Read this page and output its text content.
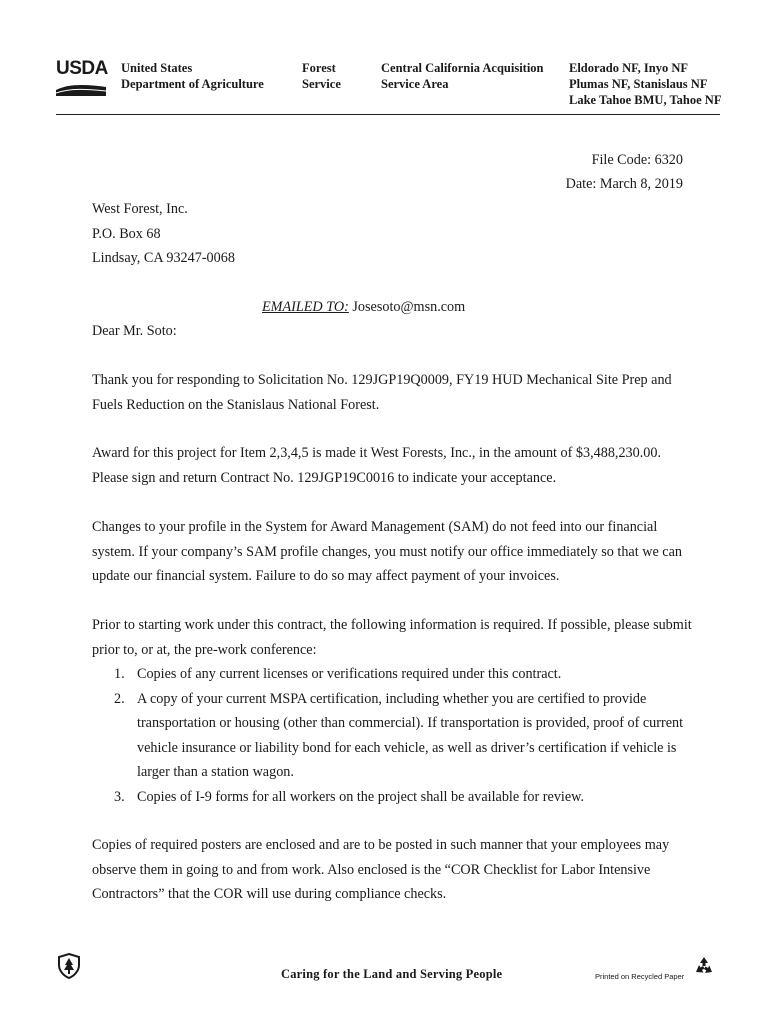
USDA United States
Department of Agriculture
Forest
Service
Central California Acquisition
Service Area
Eldorado NF, Inyo NF
Plumas NF, Stanislaus NF
Lake Tahoe BMU, Tahoe NF
File Code: 6320
Date: March 8, 2019
West Forest, Inc.
P.O. Box 68
Lindsay, CA 93247-0068
EMAILED TO: Josesoto@msn.com
Dear Mr. Soto:
Thank you for responding to Solicitation No. 129JGP19Q0009, FY19 HUD Mechanical Site Prep and
Fuels Reduction on the Stanislaus National Forest.
Award for this project for Item 2,3,4,5 is made it West Forests, Inc., in the amount of $3,488,230.00.
Please sign and return Contract No. 129JGP19C0016 to indicate your acceptance.
Changes to your profile in the System for Award Management (SAM) do not feed into our financial
system. If your company’s SAM profile changes, you must notify our office immediately so that we can
update our financial system. Failure to do so may affect payment of your invoices.
Prior to starting work under this contract, the following information is required. If possible, please submit
prior to, or at, the pre-work conference:
1. Copies of any current licenses or verifications required under this contract.
2. A copy of your current MSPA certification, including whether you are certified to provide
transportation or housing (other than commercial). If transportation is provided, proof of current
vehicle insurance or liability bond for each vehicle, as well as driver’s certification if vehicle is
larger than a station wagon.
3. Copies of I-9 forms for all workers on the project shall be available for review.
Copies of required posters are enclosed and are to be posted in such manner that your employees may
observe them in going to and from work. Also enclosed is the “COR Checklist for Labor Intensive
Contractors” that the COR will use during compliance checks.
Caring for the Land and Serving People	Printed on Recycled Paper
